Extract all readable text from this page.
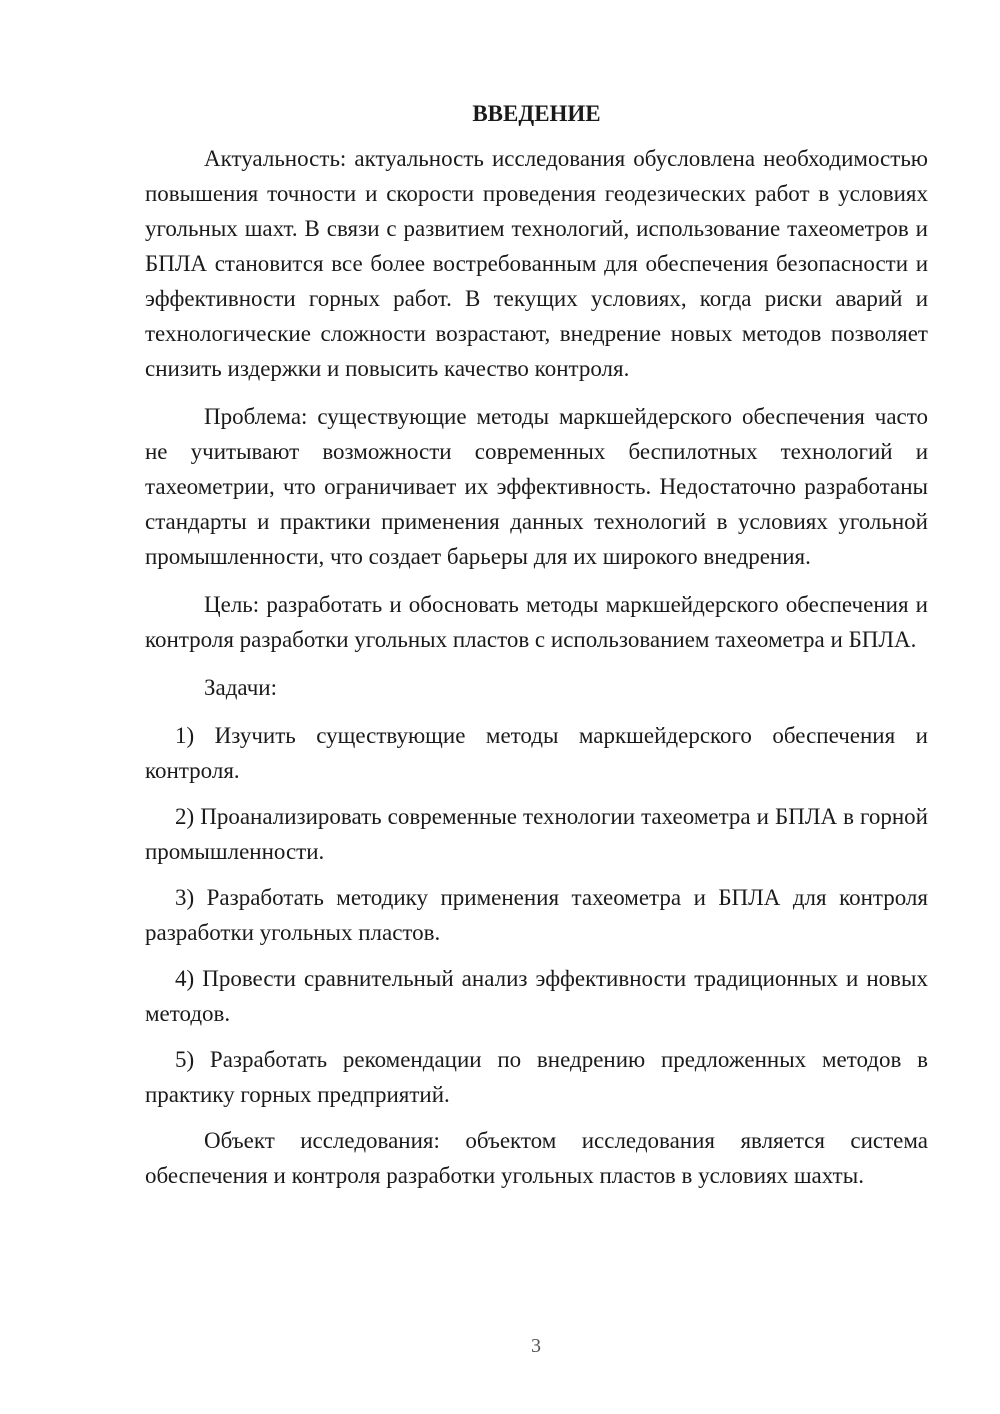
ВВЕДЕНИЕ

Актуальность: актуальность исследования обусловлена необходимостью повышения точности и скорости проведения геодезических работ в условиях угольных шахт. В связи с развитием технологий, использование тахеометров и БПЛА становится все более востребованным для обеспечения безопасности и эффективности горных работ. В текущих условиях, когда риски аварий и технологические сложности возрастают, внедрение новых методов позволяет снизить издержки и повысить качество контроля.

Проблема: существующие методы маркшейдерского обеспечения часто не учитывают возможности современных беспилотных технологий и тахеометрии, что ограничивает их эффективность. Недостаточно разработаны стандарты и практики применения данных технологий в условиях угольной промышленности, что создает барьеры для их широкого внедрения.

Цель: разработать и обосновать методы маркшейдерского обеспечения и контроля разработки угольных пластов с использованием тахеометра и БПЛА.

Задачи:

1) Изучить существующие методы маркшейдерского обеспечения и контроля.

2) Проанализировать современные технологии тахеометра и БПЛА в горной промышленности.

3) Разработать методику применения тахеометра и БПЛА для контроля разработки угольных пластов.

4) Провести сравнительный анализ эффективности традиционных и новых методов.

5) Разработать рекомендации по внедрению предложенных методов в практику горных предприятий.

Объект исследования: объектом исследования является система обеспечения и контроля разработки угольных пластов в условиях шахты.

3
